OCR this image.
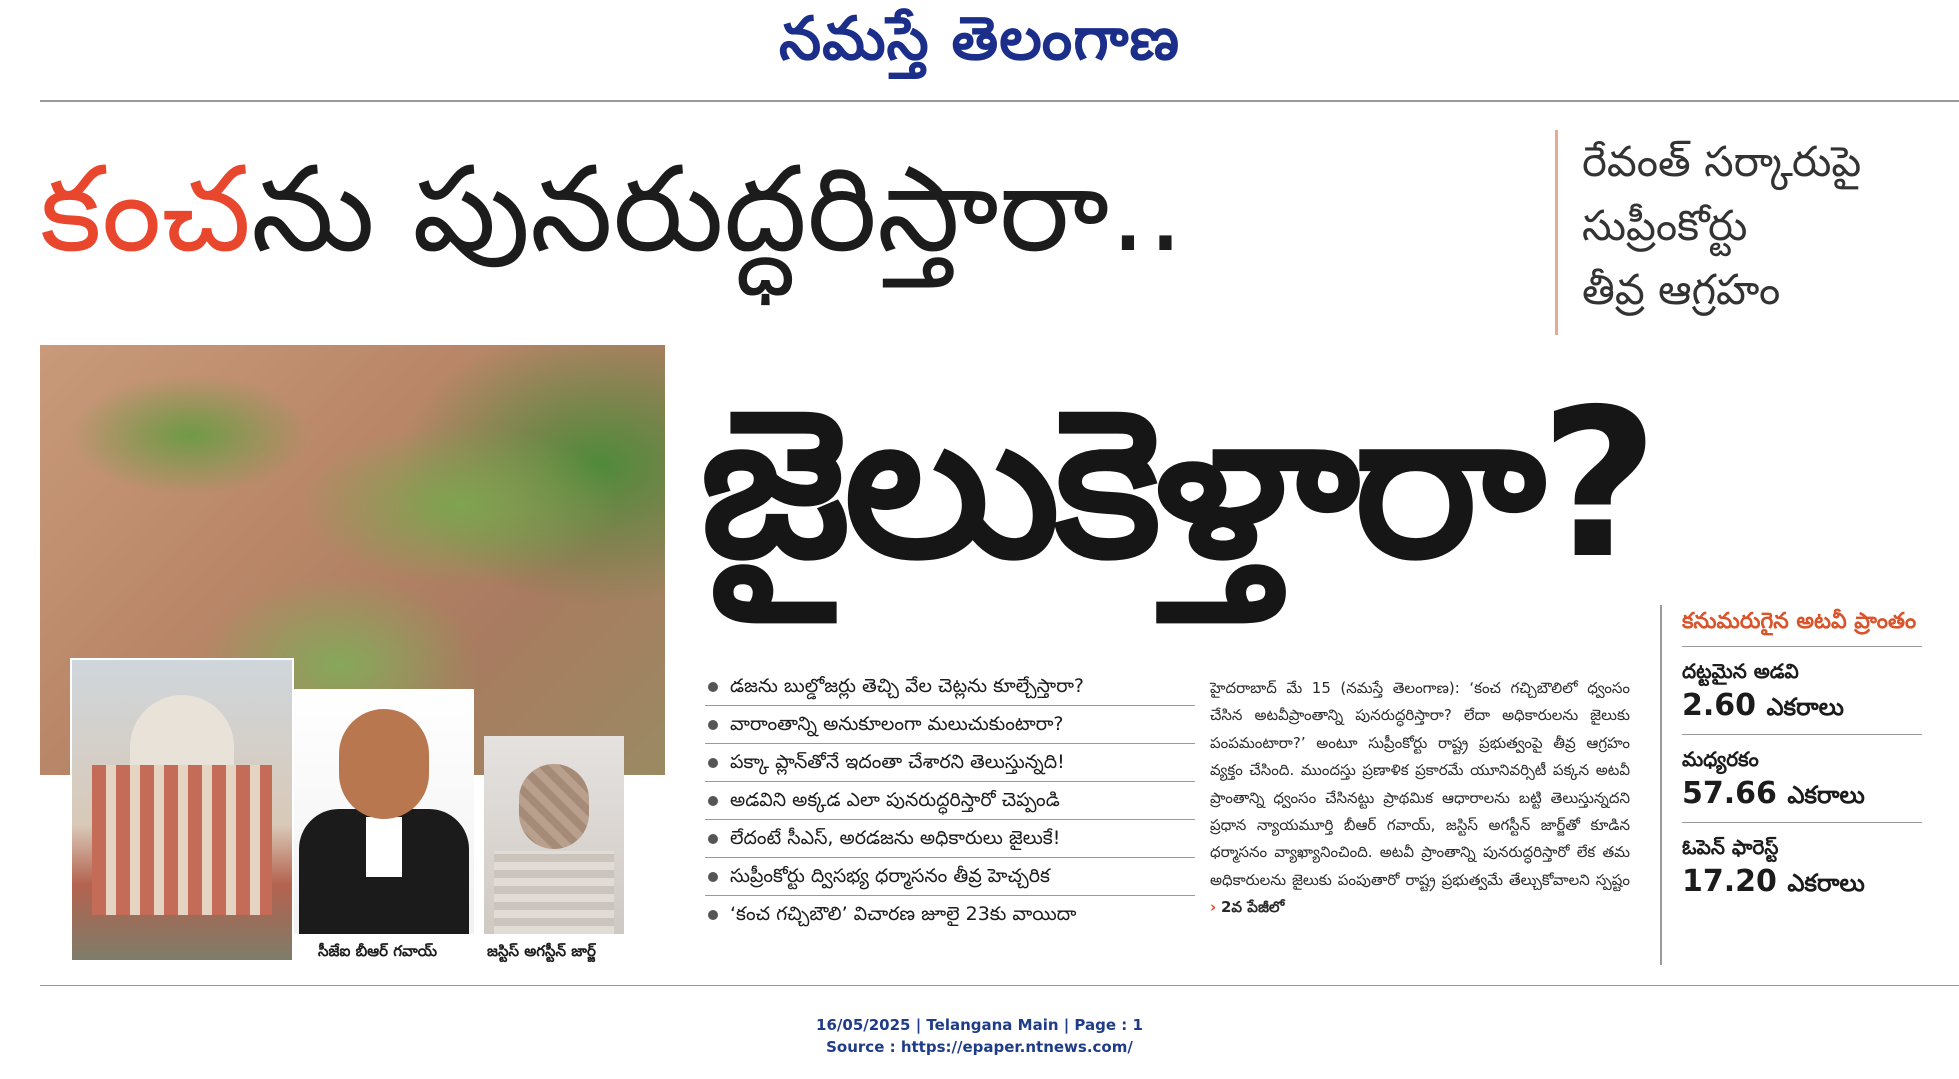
నమస్తే తెలంగాణ
కంచను పునరుద్ధరిస్తారా..	రేవంత్ సర్కారుపై
సుప్రీంకోర్టు
తీవ్ర ఆగ్రహం
జైలుకెళ్తారా?
సీజేఐ బీఆర్ గవాయ్	జస్టిస్ అగస్టీన్ జార్జ్
డజను బుల్డోజర్లు తెచ్చి వేల చెట్లను కూల్చేస్తారా?
వారాంతాన్ని అనుకూలంగా మలుచుకుంటారా?
పక్కా ప్లాన్‌తోనే ఇదంతా చేశారని తెలుస్తున్నది!
అడవిని అక్కడ ఎలా పునరుద్ధరిస్తారో చెప్పండి
లేదంటే సీఎస్, అరడజను అధికారులు జైలుకే!
సుప్రీంకోర్టు ద్విసభ్య ధర్మాసనం తీవ్ర హెచ్చరిక
‘కంచ గచ్చిబౌలి’ విచారణ జూలై 23కు వాయిదా
హైదరాబాద్ మే 15 (నమస్తే తెలంగాణ): ‘కంచ గచ్చిబౌలిలో ధ్వంసం చేసిన అటవీప్రాంతాన్ని పునరుద్ధరిస్తారా? లేదా అధికారులను జైలుకు పంపమంటారా?’ అంటూ సుప్రీంకోర్టు రాష్ట్ర ప్రభుత్వంపై తీవ్ర ఆగ్రహం వ్యక్తం చేసింది. ముందస్తు ప్రణాళిక ప్రకారమే యూనివర్సిటీ పక్కన అటవీ ప్రాంతాన్ని ధ్వంసం చేసినట్టు ప్రాథమిక ఆధారాలను బట్టి తెలుస్తున్నదని ప్రధాన న్యాయమూర్తి బీఆర్ గవాయ్, జస్టిస్ అగస్టీన్ జార్జ్‌తో కూడిన ధర్మాసనం వ్యాఖ్యానించింది. అటవీ ప్రాంతాన్ని పునరుద్ధరిస్తారో లేక తమ అధికారులను జైలుకు పంపుతారో రాష్ట్ర ప్రభుత్వమే తేల్చుకోవాలని స్పష్టం › 2వ పేజీలో
కనుమరుగైన అటవీ ప్రాంతం
దట్టమైన అడవి
2.60 ఎకరాలు
మధ్యరకం
57.66 ఎకరాలు
ఓపెన్ ఫారెస్ట్
17.20 ఎకరాలు
16/05/2025 | Telangana Main | Page : 1
Source : https://epaper.ntnews.com/
